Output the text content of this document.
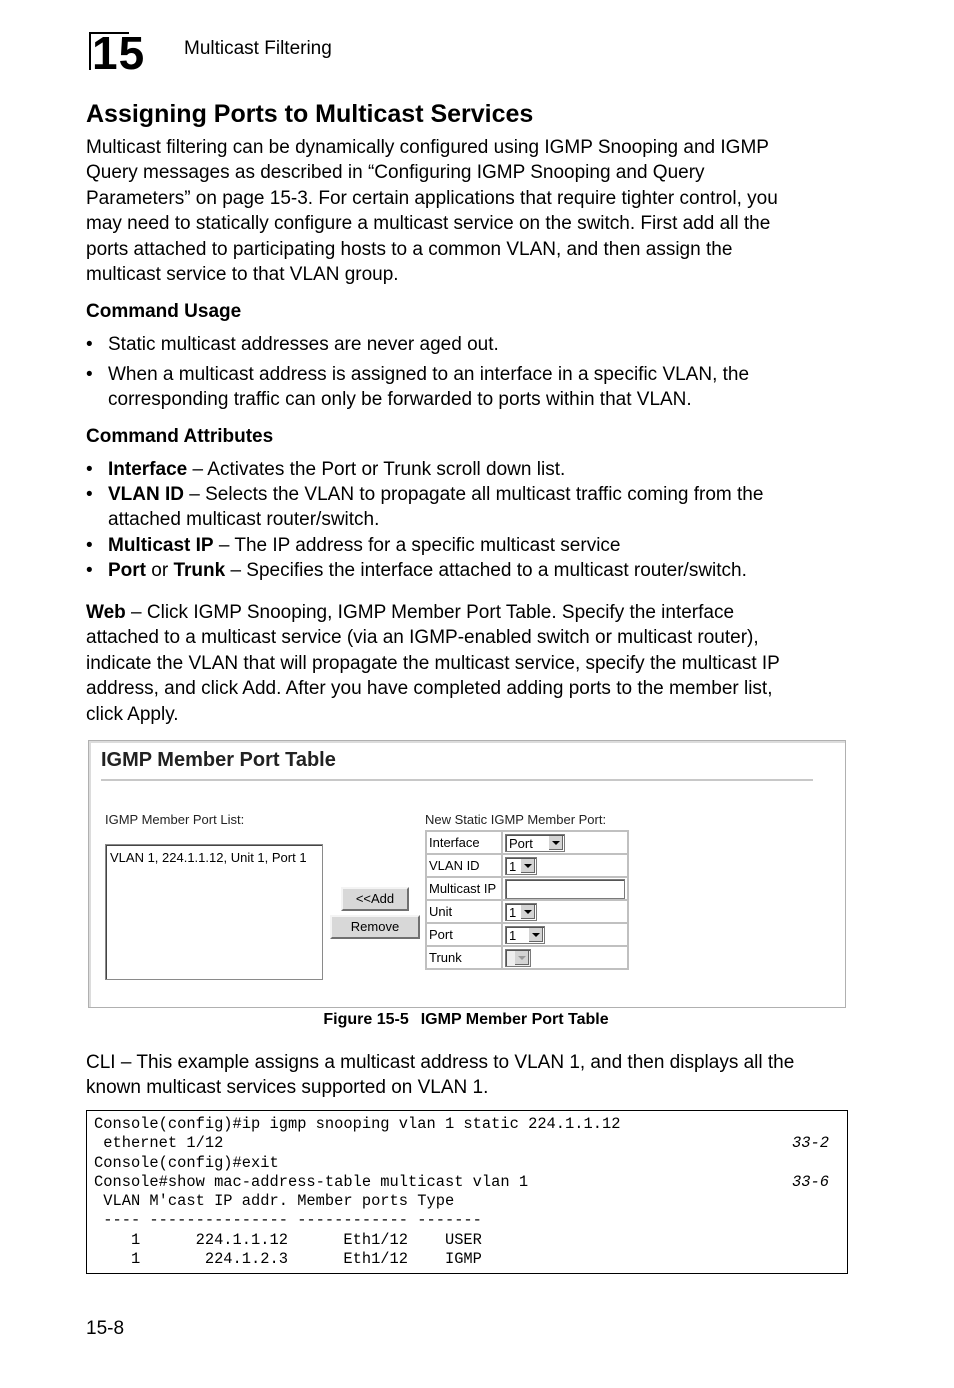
15 Multicast Filtering
Assigning Ports to Multicast Services
Multicast filtering can be dynamically configured using IGMP Snooping and IGMP
Query messages as described in “Configuring IGMP Snooping and Query
Parameters” on page 15-3. For certain applications that require tighter control, you
may need to statically configure a multicast service on the switch. First add all the
ports attached to participating hosts to a common VLAN, and then assign the
multicast service to that VLAN group.
Command Usage
• Static multicast addresses are never aged out.
• When a multicast address is assigned to an interface in a specific VLAN, the
corresponding traffic can only be forwarded to ports within that VLAN.
Command Attributes
• Interface – Activates the Port or Trunk scroll down list.
• VLAN ID – Selects the VLAN to propagate all multicast traffic coming from the
attached multicast router/switch.
• Multicast IP – The IP address for a specific multicast service
• Port or Trunk – Specifies the interface attached to a multicast router/switch.
Web – Click IGMP Snooping, IGMP Member Port Table. Specify the interface
attached to a multicast service (via an IGMP-enabled switch or multicast router),
indicate the VLAN that will propagate the multicast service, specify the multicast IP
address, and click Add. After you have completed adding ports to the member list,
click Apply.
IGMP Member Port Table
IGMP Member Port List:
VLAN 1, 224.1.1.12, Unit 1, Port 1
<<Add
Remove
New Static IGMP Member Port:
Interface	Port

VLAN ID	1

Multicast IP	
Unit	1

Port	1

Trunk	
Figure 15-5 IGMP Member Port Table
CLI – This example assigns a multicast address to VLAN 1, and then displays all the
known multicast services supported on VLAN 1.
Console(config)#ip igmp snooping vlan 1 static 224.1.1.12
ethernet 1/12	33-2
Console(config)#exit
Console#show mac-address-table multicast vlan 1	33-6
VLAN M'cast IP addr. Member ports Type
---- --------------- ------------ -------
1      224.1.1.12      Eth1/12    USER
1       224.1.2.3      Eth1/12    IGMP
15-8
